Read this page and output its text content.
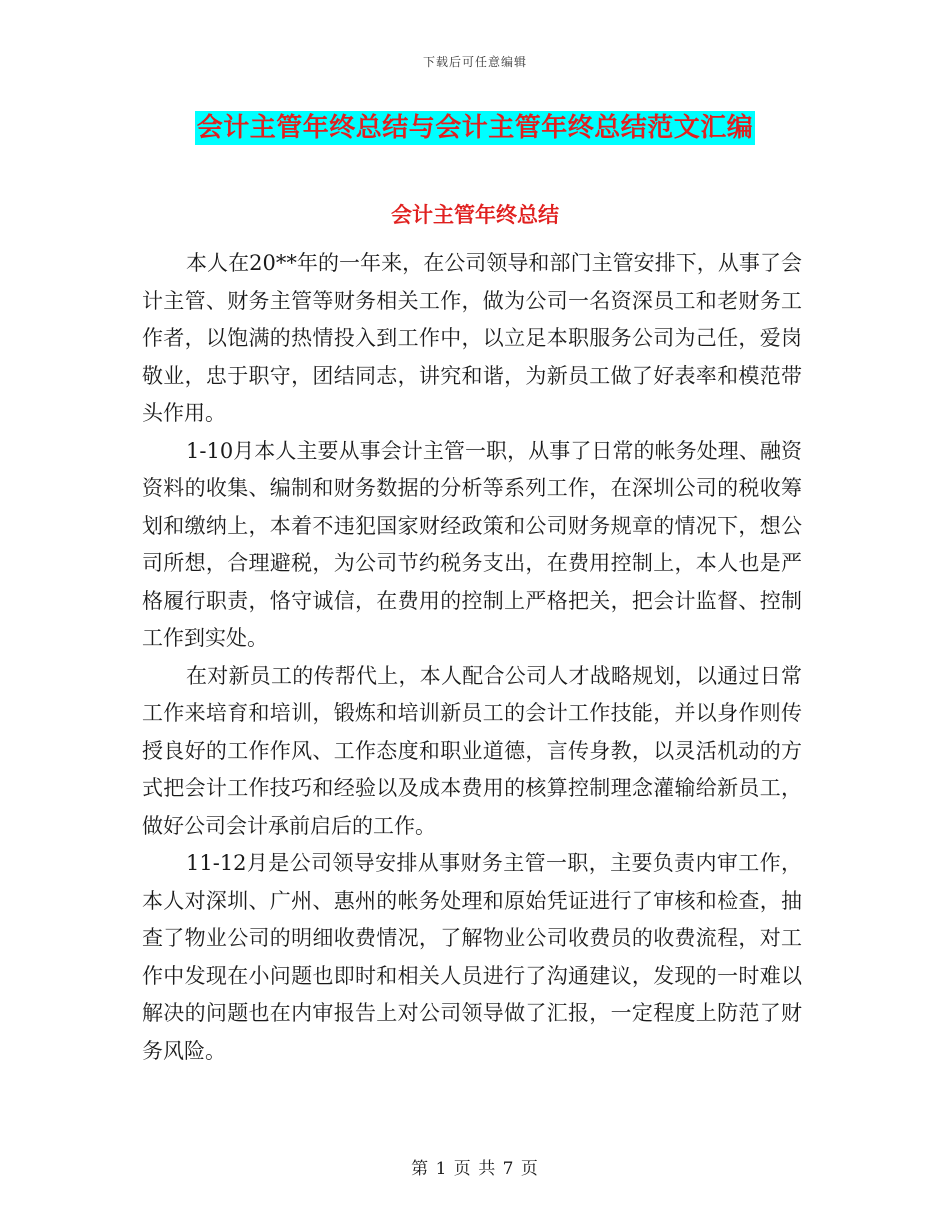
下载后可任意编辑
会计主管年终总结与会计主管年终总结范文汇编
会计主管年终总结

本人在20**年的一年来，在公司领导和部门主管安排下，从事了会计主管、财务主管等财务相关工作，做为公司一名资深员工和老财务工作者，以饱满的热情投入到工作中，以立足本职服务公司为己任，爱岗敬业，忠于职守，团结同志，讲究和谐，为新员工做了好表率和模范带头作用。

1-10月本人主要从事会计主管一职，从事了日常的帐务处理、融资资料的收集、编制和财务数据的分析等系列工作，在深圳公司的税收筹划和缴纳上，本着不违犯国家财经政策和公司财务规章的情况下，想公司所想，合理避税，为公司节约税务支出，在费用控制上，本人也是严格履行职责，恪守诚信，在费用的控制上严格把关，把会计监督、控制工作到实处。

在对新员工的传帮代上，本人配合公司人才战略规划，以通过日常工作来培育和培训，锻炼和培训新员工的会计工作技能，并以身作则传授良好的工作作风、工作态度和职业道德，言传身教，以灵活机动的方式把会计工作技巧和经验以及成本费用的核算控制理念灌输给新员工，做好公司会计承前启后的工作。

11-12月是公司领导安排从事财务主管一职，主要负责内审工作，本人对深圳、广州、惠州的帐务处理和原始凭证进行了审核和检查，抽查了物业公司的明细收费情况，了解物业公司收费员的收费流程，对工作中发现在小问题也即时和相关人员进行了沟通建议，发现的一时难以解决的问题也在内审报告上对公司领导做了汇报，一定程度上防范了财务风险。

第 1 页 共 7 页
